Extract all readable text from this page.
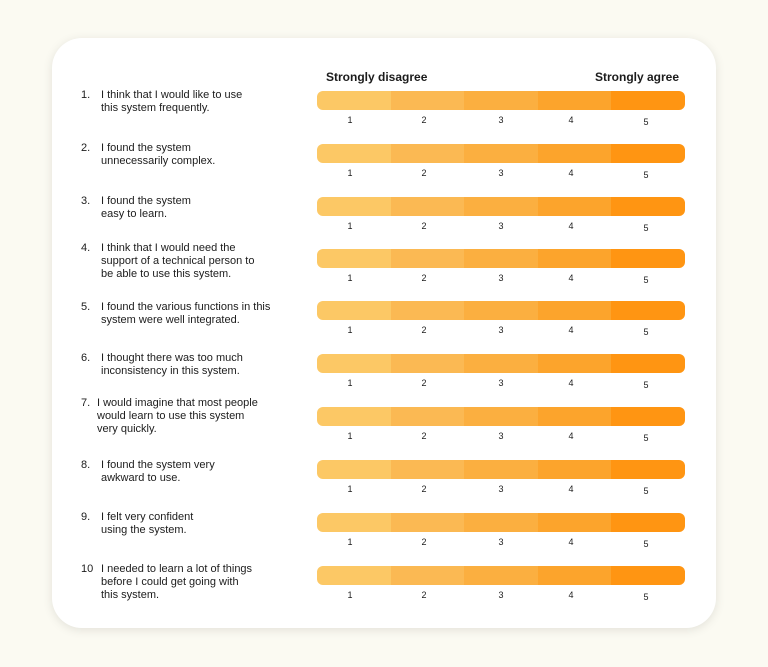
Strongly disagree	Strongly agree
1. I think that I would like to use
this system frequently.
1	2	3	4	5
2. I found the system
unnecessarily complex.
1	2	3	4	5
3. I found the system
easy to learn.
1	2	3	4	5
4. I think that I would need the
support of a technical person to
be able to use this system.	1	2	3	4	5
5. I found the various functions in this
system were well integrated.
1	2	3	4	5
6. I thought there was too much
inconsistency in this system.
1	2	3	4	5
7. I would imagine that most people
would learn to use this system
very quickly.
1	2	3	4	5
8. I found the system very
awkward to use.
1	2	3	4	5
9. I felt very confident
using the system.
1	2	3	4	5
10 I needed to learn a lot of things
before I could get going with
this system.	1	2	3	4	5
